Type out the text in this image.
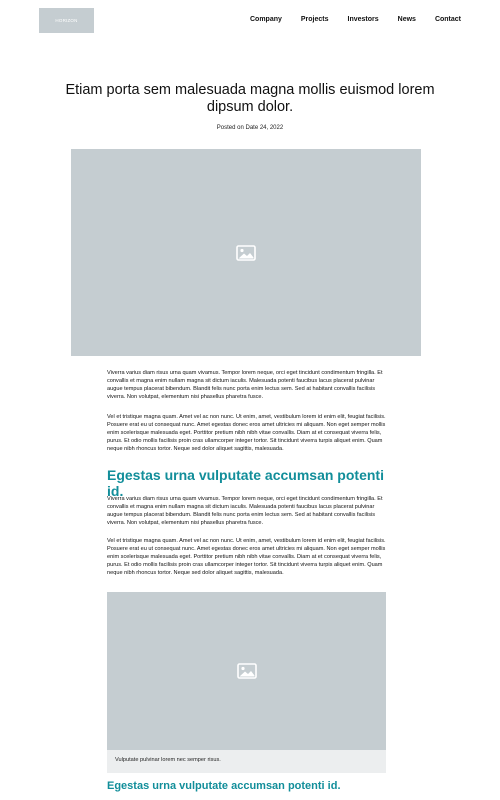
HORIZON	Company	Projects	Investors	News	Contact
Etiam porta sem malesuada magna mollis euismod lorem dipsum dolor.
Posted on Date 24, 2022

Viverra varius diam risus urna quam vivamus. Tempor lorem neque, orci eget tincidunt condimentum fringilla. Et convallis et magna enim nullam magna sit dictum iaculis. Malesuada potenti faucibus lacus placerat pulvinar augue tempus placerat bibendum. Blandit felis nunc porta enim lectus sem. Sed at habitant convallis facilisis viverra. Non volutpat, elementum nisi phasellus pharetra fusce.

Vel et tristique magna quam. Amet vel ac non nunc. Ut enim, amet, vestibulum lorem id enim elit, feugiat facilisis. Posuere erat eu ut consequat nunc. Amet egestas donec eros amet ultricies mi aliquam. Non eget semper mollis enim scelerisque malesuada eget. Porttitor pretium nibh nibh vitae convallis. Diam at et consequat viverra felis, purus. Et odio mollis facilisis proin cras ullamcorper integer tortor. Sit tincidunt viverra turpis aliquet enim. Quam neque nibh rhoncus tortor. Neque sed dolor aliquet sagittis, malesuada.

Egestas urna vulputate accumsan potenti id.

Viverra varius diam risus urna quam vivamus. Tempor lorem neque, orci eget tincidunt condimentum fringilla. Et convallis et magna enim nullam magna sit dictum iaculis. Malesuada potenti faucibus lacus placerat pulvinar augue tempus placerat bibendum. Blandit felis nunc porta enim lectus sem. Sed at habitant convallis facilisis viverra. Non volutpat, elementum nisi phasellus pharetra fusce.

Vel et tristique magna quam. Amet vel ac non nunc. Ut enim, amet, vestibulum lorem id enim elit, feugiat facilisis. Posuere erat eu ut consequat nunc. Amet egestas donec eros amet ultricies mi aliquam. Non eget semper mollis enim scelerisque malesuada eget. Porttitor pretium nibh nibh vitae convallis. Diam at et consequat viverra felis, purus. Et odio mollis facilisis proin cras ullamcorper integer tortor. Sit tincidunt viverra turpis aliquet enim. Quam neque nibh rhoncus tortor. Neque sed dolor aliquet sagittis, malesuada.

Vulputate pulvinar lorem nec semper risus.
Egestas urna vulputate accumsan potenti id.
